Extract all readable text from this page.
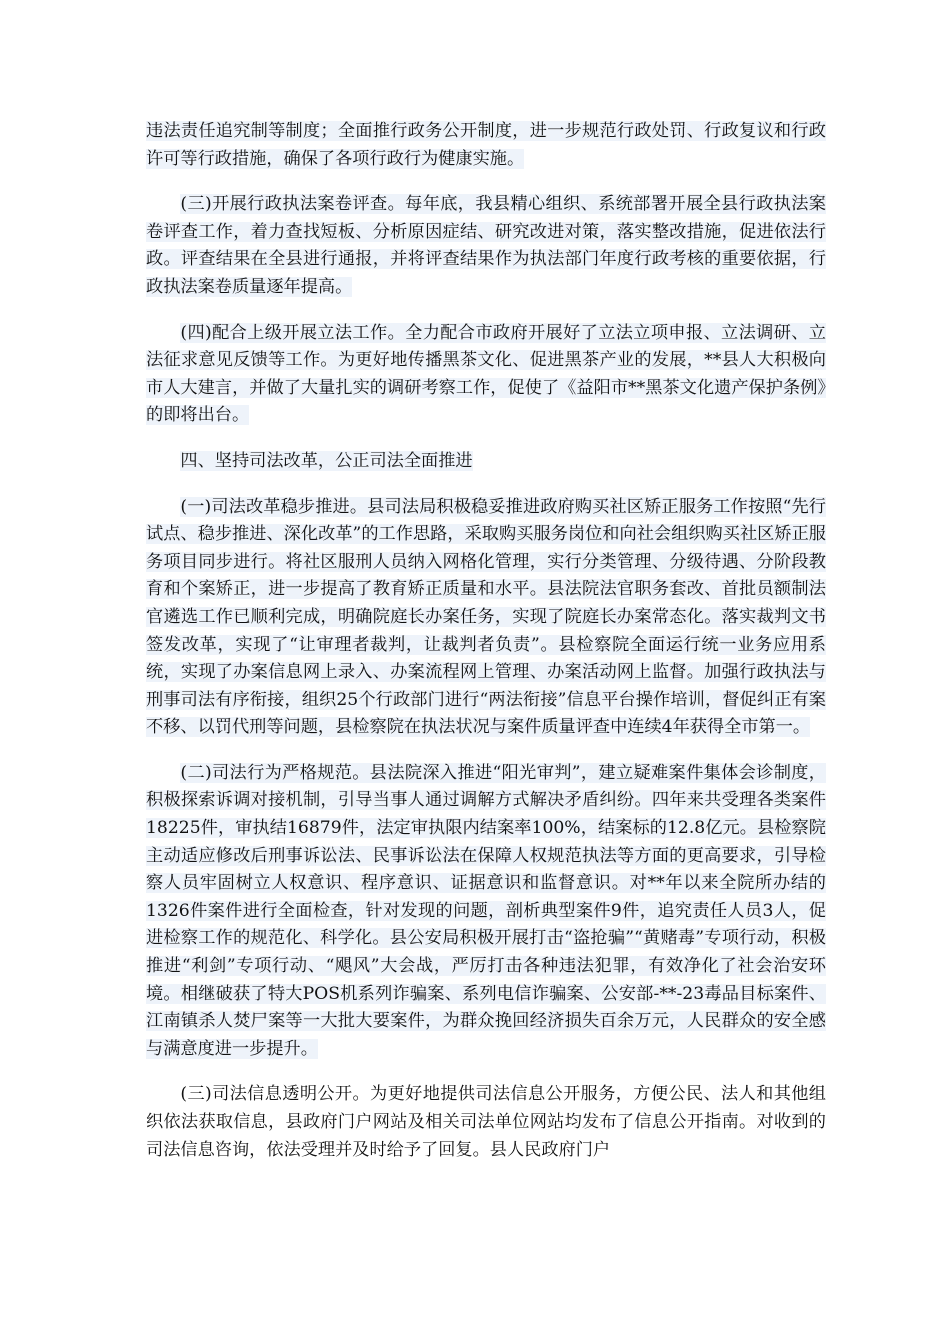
违法责任追究制等制度；全面推行政务公开制度，进一步规范行政处罚、行政复议和行政许可等行政措施，确保了各项行政行为健康实施。

(三)开展行政执法案卷评查。每年底，我县精心组织、系统部署开展全县行政执法案卷评查工作，着力查找短板、分析原因症结、研究改进对策，落实整改措施，促进依法行政。评查结果在全县进行通报，并将评查结果作为执法部门年度行政考核的重要依据，行政执法案卷质量逐年提高。

(四)配合上级开展立法工作。全力配合市政府开展好了立法立项申报、立法调研、立法征求意见反馈等工作。为更好地传播黑茶文化、促进黑茶产业的发展，**县人大积极向市人大建言，并做了大量扎实的调研考察工作，促使了《益阳市**黑茶文化遗产保护条例》的即将出台。

四、坚持司法改革，公正司法全面推进

(一)司法改革稳步推进。县司法局积极稳妥推进政府购买社区矫正服务工作按照“先行试点、稳步推进、深化改革”的工作思路，采取购买服务岗位和向社会组织购买社区矫正服务项目同步进行。将社区服刑人员纳入网格化管理，实行分类管理、分级待遇、分阶段教育和个案矫正，进一步提高了教育矫正质量和水平。县法院法官职务套改、首批员额制法官遴选工作已顺利完成，明确院庭长办案任务，实现了院庭长办案常态化。落实裁判文书签发改革，实现了“让审理者裁判，让裁判者负责”。县检察院全面运行统一业务应用系统，实现了办案信息网上录入、办案流程网上管理、办案活动网上监督。加强行政执法与刑事司法有序衔接，组织25个行政部门进行“两法衔接”信息平台操作培训，督促纠正有案不移、以罚代刑等问题，县检察院在执法状况与案件质量评查中连续4年获得全市第一。

(二)司法行为严格规范。县法院深入推进“阳光审判”，建立疑难案件集体会诊制度，积极探索诉调对接机制，引导当事人通过调解方式解决矛盾纠纷。四年来共受理各类案件18225件，审执结16879件，法定审执限内结案率100%，结案标的12.8亿元。县检察院主动适应修改后刑事诉讼法、民事诉讼法在保障人权规范执法等方面的更高要求，引导检察人员牢固树立人权意识、程序意识、证据意识和监督意识。对**年以来全院所办结的1326件案件进行全面检查，针对发现的问题，剖析典型案件9件，追究责任人员3人，促进检察工作的规范化、科学化。县公安局积极开展打击“盗抢骗”“黄赌毒”专项行动，积极推进“利剑”专项行动、“飓风”大会战，严厉打击各种违法犯罪，有效净化了社会治安环境。相继破获了特大POS机系列诈骗案、系列电信诈骗案、公安部-**-23毒品目标案件、江南镇杀人焚尸案等一大批大要案件，为群众挽回经济损失百余万元，人民群众的安全感与满意度进一步提升。

(三)司法信息透明公开。为更好地提供司法信息公开服务，方便公民、法人和其他组织依法获取信息，县政府门户网站及相关司法单位网站均发布了信息公开指南。对收到的司法信息咨询，依法受理并及时给予了回复。县人民政府门户
